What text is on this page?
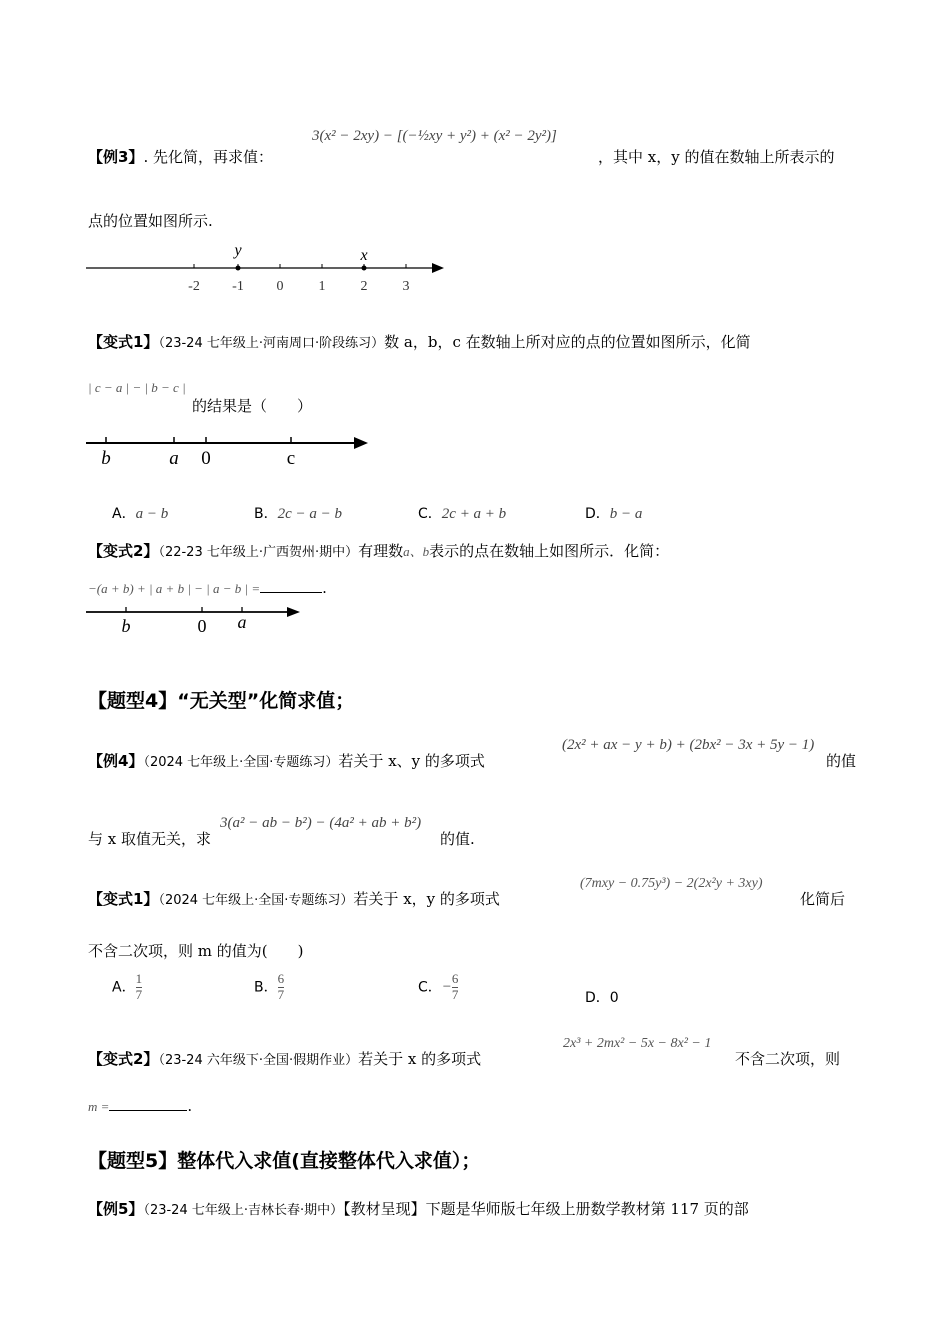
【例3】. 先化简，再求值：
3(x² − 2xy) − [(−½xy + y²) + (x² − 2y²)]
，其中 x，y 的值在数轴上所表示的
点的位置如图所示.
y	x
-2 -1 0	1	2	3
【变式1】（23-24 七年级上·河南周口·阶段练习）数 a，b，c 在数轴上所对应的点的位置如图所示，化简
| c − a | − | b − c |
的结果是（　　）
b	a 0	c
A．a − b	B．2c − a − b	C．2c + a + b	D．b − a
【变式2】（22-23 七年级上·广西贺州·期中）有理数a、b表示的点在数轴上如图所示．化简：
−(a + b) + | a + b | − | a − b | =	.
b	0 a
【题型4】“无关型”化简求值；
【例4】（2024 七年级上·全国·专题练习）若关于 x、y 的多项式
(2x² + ax − y + b) + (2bx² − 3x + 5y − 1)
的值
与 x 取值无关，求
3(a² − ab − b²) − (4a² + ab + b²)
的值.
【变式1】（2024 七年级上·全国·专题练习）若关于 x，y 的多项式
(7mxy − 0.75y³) − 2(2x²y + 3xy)
化简后
不含二次项，则 m 的值为(　　)
A． $\frac{1}{7}$	B． $\frac{6}{7}$	C．− $\frac{6}{7}$	D．0
【变式2】（23-24 六年级下·全国·假期作业）若关于 x 的多项式
2x³ + 2mx² − 5x − 8x² − 1
不含二次项，则
m =	.
【题型5】整体代入求值(直接整体代入求值）；
【例5】（23-24 七年级上·吉林长春·期中）【教材呈现】下题是华师版七年级上册数学教材第 117 页的部
